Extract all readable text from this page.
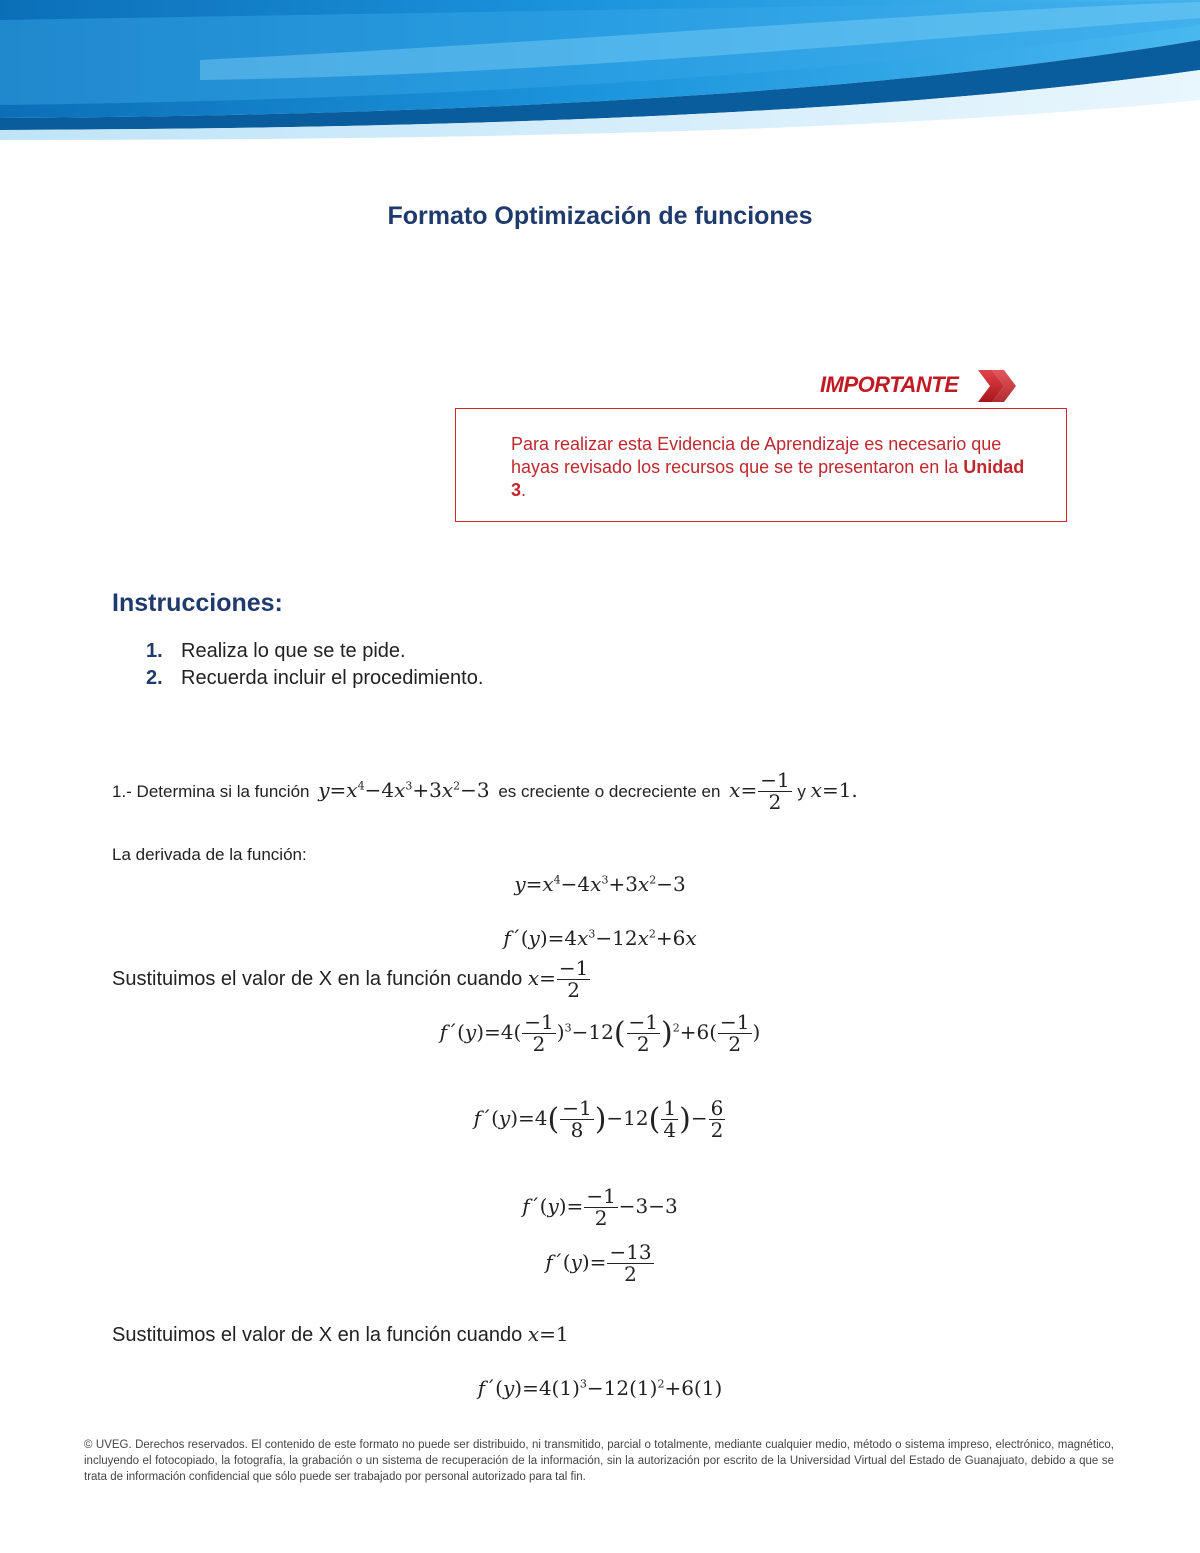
Formato Optimización de funciones
IMPORTANTE
Para realizar esta Evidencia de Aprendizaje es necesario que hayas revisado los recursos que se te presentaron en la Unidad 3.
Instrucciones:
1. Realiza lo que se te pide.
2. Recuerda incluir el procedimiento.
1.- Determina si la función $y=x^4-4x^3+3x^2-3$ es creciente o decreciente en $x= \frac{-1}{2}$ y x=1.
La derivada de la función:
$y=x^4-4x^3+3x^2-3$
$f´(y)=4x^3-12x^2+6x$
Sustituimos el valor de X en la función cuando $x= \frac{-1}{2}$
f´(y)=4( $\frac{-1}{2} )^3-12( \frac{-1}{2} )^2+6( \frac{-1}{2}$ )
f´(y)=4( $\frac{-1}{8} )-12( \frac{1}{4}$ )− $\frac{6}{2}$
f´(y)= $\frac{-1}{2} -3-3$
f´(y)= $\frac{-13}{2}$
Sustituimos el valor de X en la función cuando x=1
$f´(y)=4(1)^3-12(1)^2+6(1)$
© UVEG. Derechos reservados. El contenido de este formato no puede ser distribuido, ni transmitido, parcial o totalmente, mediante cualquier medio, método o sistema impreso, electrónico, magnético, incluyendo el fotocopiado, la fotografía, la grabación o un sistema de recuperación de la información, sin la autorización por escrito de la Universidad Virtual del Estado de Guanajuato, debido a que se trata de información confidencial que sólo puede ser trabajado por personal autorizado para tal fin.
